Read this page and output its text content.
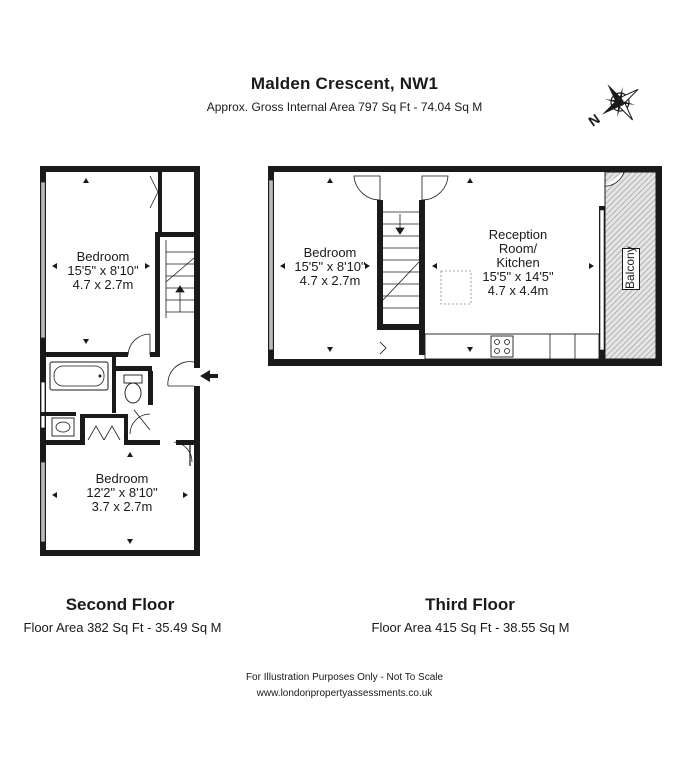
Malden Crescent, NW1
Approx. Gross Internal Area 797 Sq Ft - 74.04 Sq M
N
Bedroom
15'5" x 8'10"
4.7 x 2.7m
Bedroom
12'2" x 8'10"
3.7 x 2.7m
Bedroom
15'5" x 8'10"
4.7 x 2.7m
Reception
Room/
Kitchen
15'5" x 14'5"
4.7 x 4.4m
Balcony
Second Floor
Floor Area 382 Sq Ft - 35.49 Sq M
Third Floor
Floor Area 415 Sq Ft - 38.55 Sq M
For Illustration Purposes Only - Not To Scale
www.londonpropertyassessments.co.uk
